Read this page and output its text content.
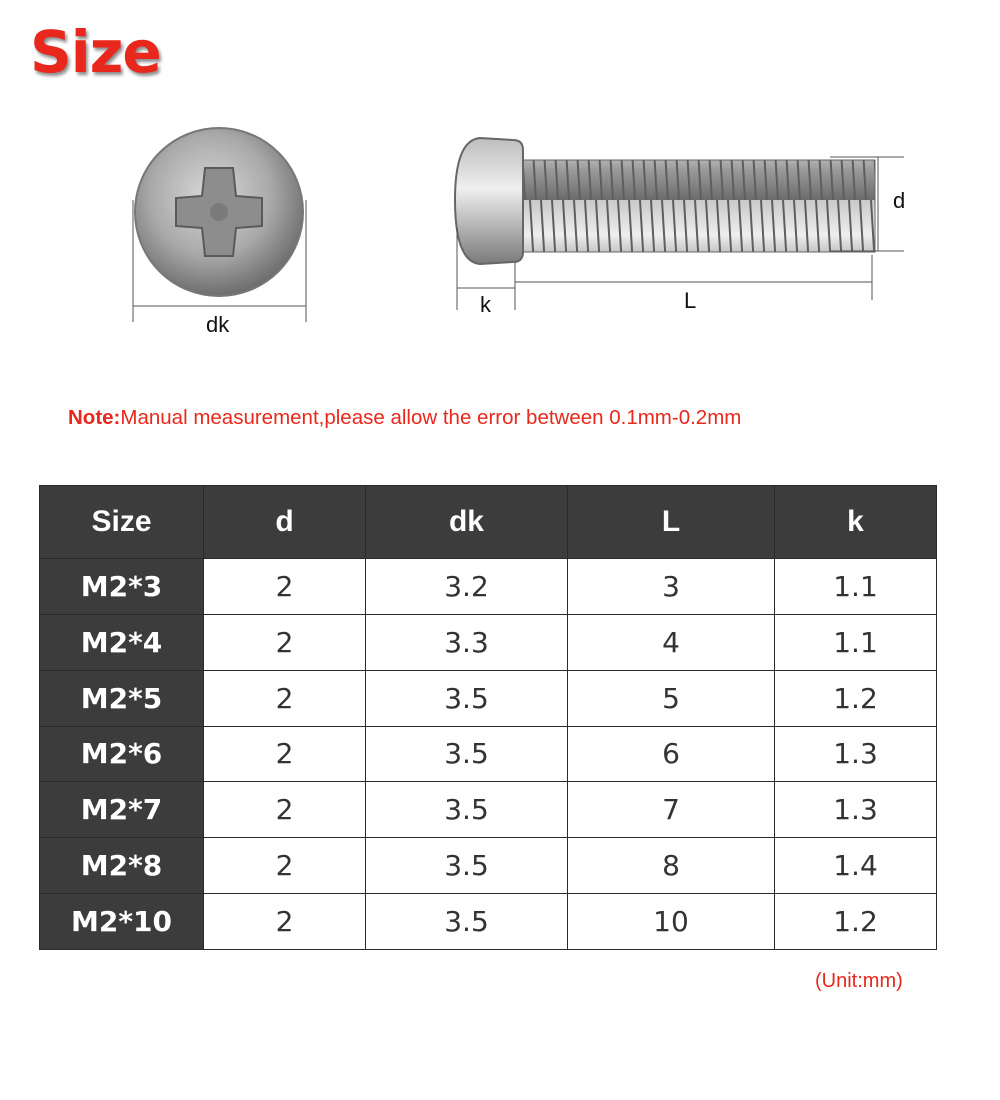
Size
dk
d
k	L
Note:Manual measurement,please allow the error between 0.1mm-0.2mm
Size	d	dk	L	k
M2*3	2	3.2	3	1.1
M2*4	2	3.3	4	1.1
M2*5	2	3.5	5	1.2
M2*6	2	3.5	6	1.3
M2*7	2	3.5	7	1.3
M2*8	2	3.5	8	1.4
M2*10	2	3.5	10	1.2
(Unit:mm)
